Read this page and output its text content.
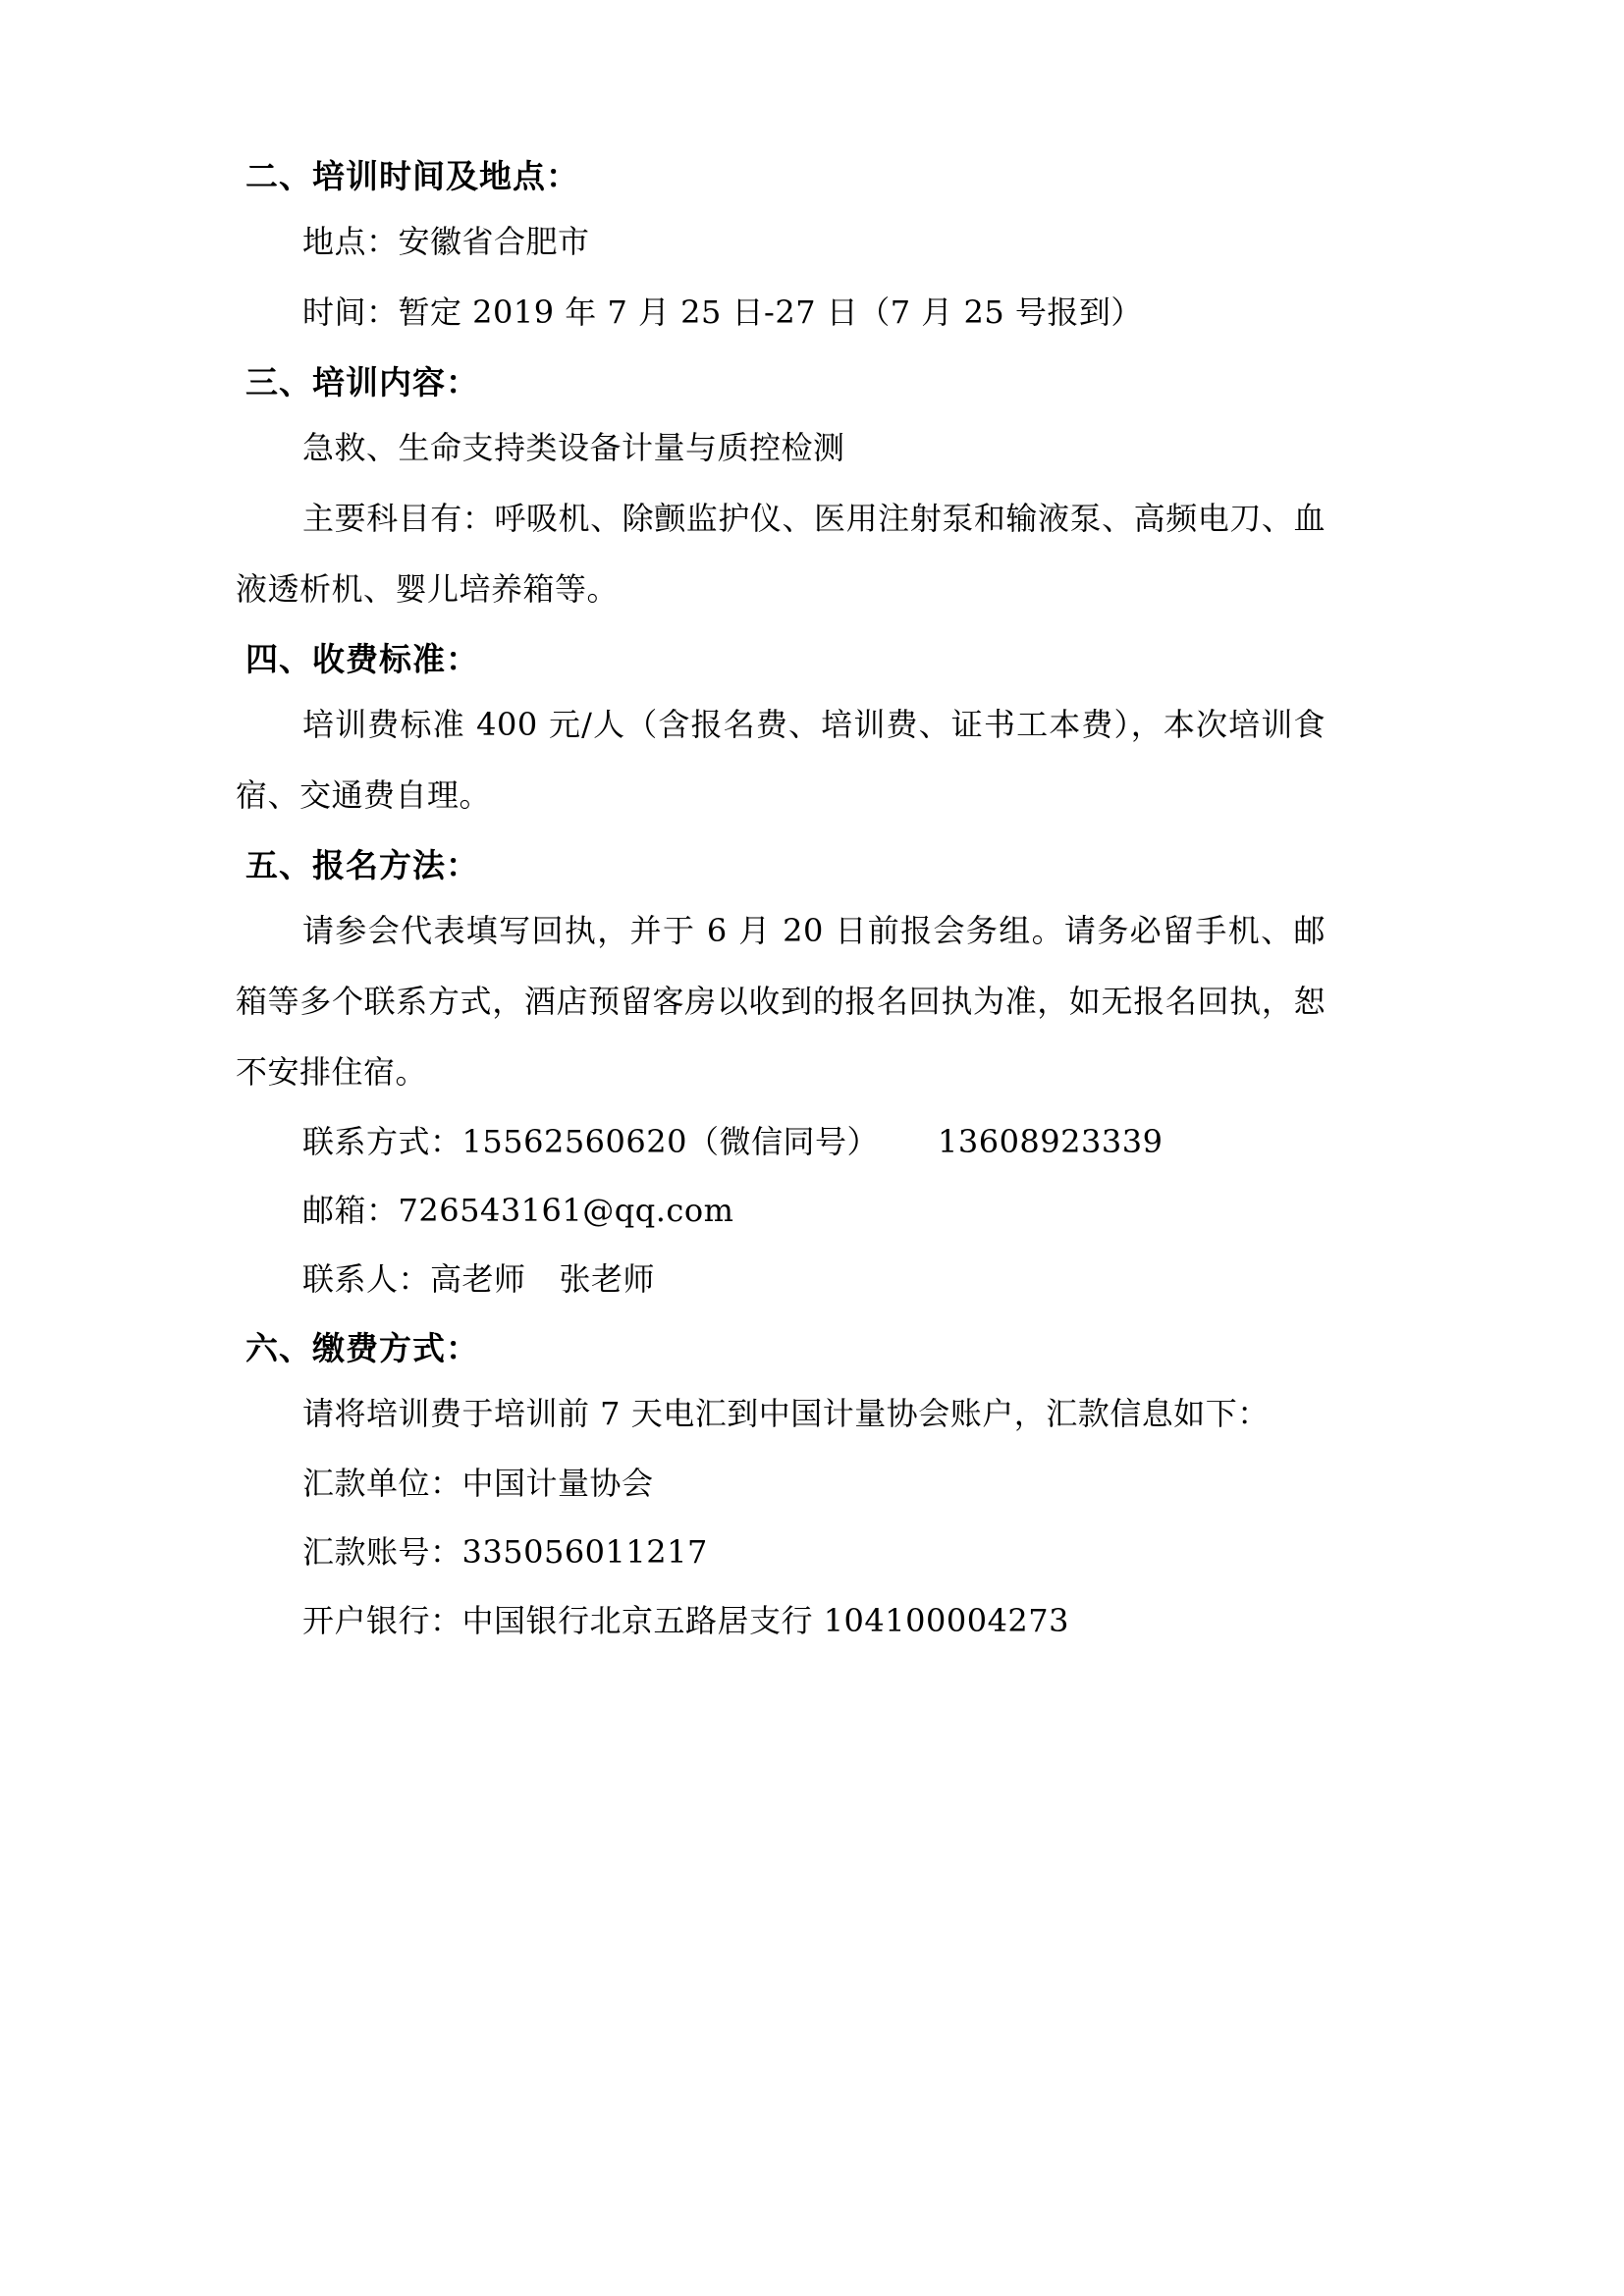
二、培训时间及地点：

地点：安徽省合肥市

时间：暂定 2019 年 7 月 25 日-27 日（7 月 25 号报到）

三、培训内容：

急救、生命支持类设备计量与质控检测

主要科目有：呼吸机、除颤监护仪、医用注射泵和输液泵、高频电刀、血液透析机、婴儿培养箱等。

四、收费标准：

培训费标准 400 元/人（含报名费、培训费、证书工本费），本次培训食宿、交通费自理。

五、报名方法：

请参会代表填写回执，并于 6 月 20 日前报会务组。请务必留手机、邮箱等多个联系方式，酒店预留客房以收到的报名回执为准，如无报名回执，恕不安排住宿。

联系方式：15562560620（微信同号） 13608923339

邮箱：726543161@qq.com

联系人：高老师 张老师

六、缴费方式：

请将培训费于培训前 7 天电汇到中国计量协会账户，汇款信息如下：

汇款单位：中国计量协会

汇款账号：335056011217

开户银行：中国银行北京五路居支行 104100004273
